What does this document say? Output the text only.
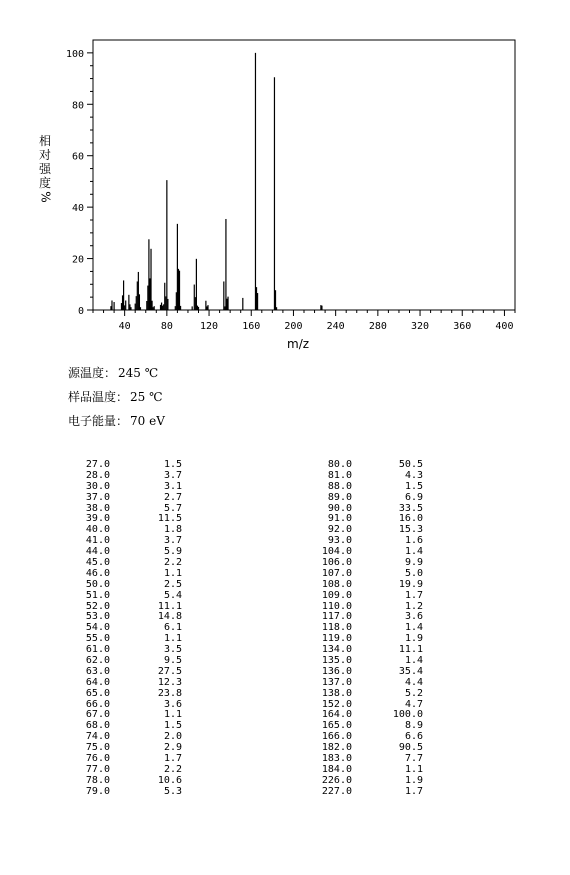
0
20
40
60
80
100
40	80	120 160 200 240 280 320 360 400
相对强度
%
m/z
源温度： 245 ℃
样品温度： 25 ℃
电子能量： 70 eV
27.0	1.5
28.0	3.7
30.0	3.1
37.0	2.7
38.0	5.7
39.0	11.5
40.0	1.8
41.0	3.7
44.0	5.9
45.0	2.2
46.0	1.1
50.0	2.5
51.0	5.4
52.0	11.1
53.0	14.8
54.0	6.1
55.0	1.1
61.0	3.5
62.0	9.5
63.0	27.5
64.0	12.3
65.0	23.8
66.0	3.6
67.0	1.1
68.0	1.5
74.0	2.0
75.0	2.9
76.0	1.7
77.0	2.2
78.0	10.6
79.0	5.3
80.0	50.5
81.0	4.3
88.0	1.5
89.0	6.9
90.0	33.5
91.0	16.0
92.0	15.3
93.0	1.6
104.0	1.4
106.0	9.9
107.0	5.0
108.0	19.9
109.0	1.7
110.0	1.2
117.0	3.6
118.0	1.4
119.0	1.9
134.0	11.1
135.0	1.4
136.0	35.4
137.0	4.4
138.0	5.2
152.0	4.7
164.0	100.0
165.0	8.9
166.0	6.6
182.0	90.5
183.0	7.7
184.0	1.1
226.0	1.9
227.0	1.7
